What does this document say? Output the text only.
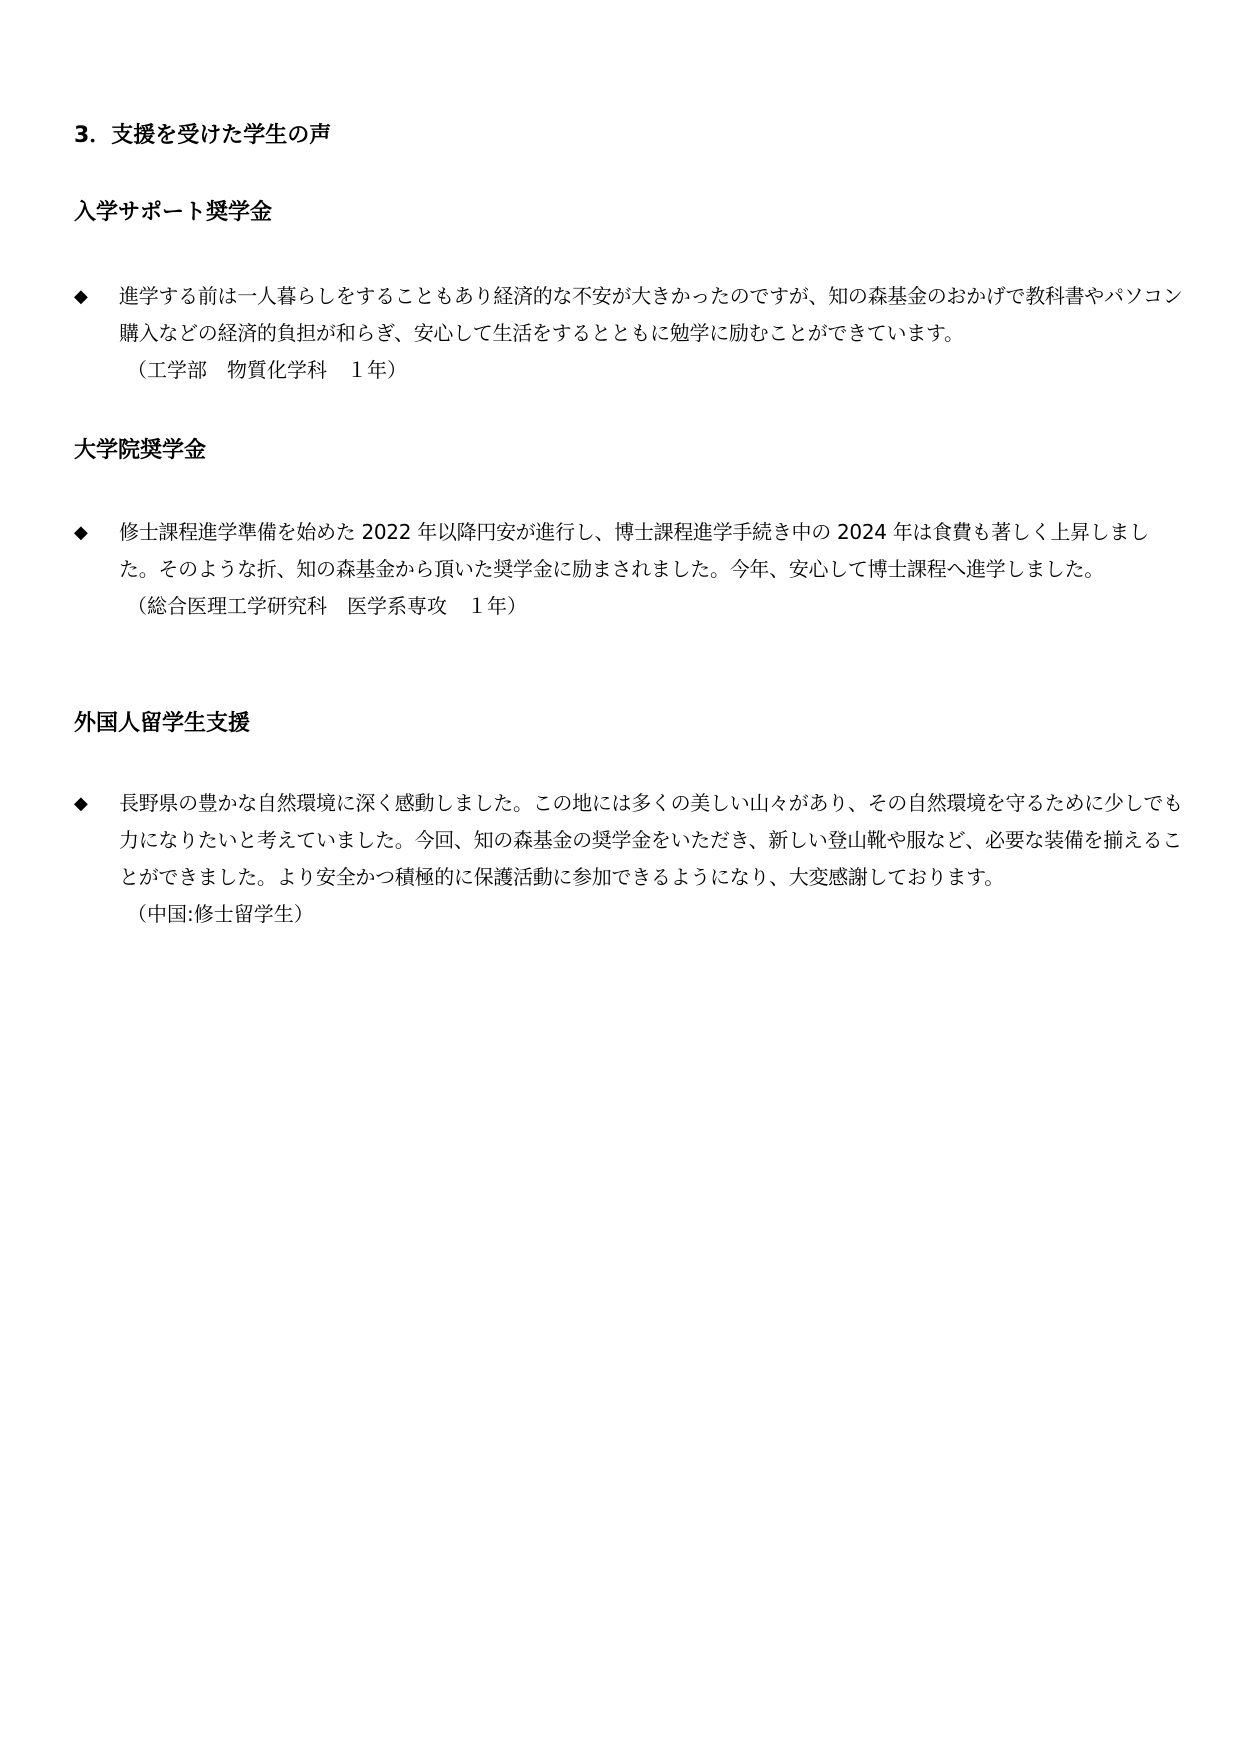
3．支援を受けた学生の声
入学サポート奨学金
◆ 進学する前は一人暮らしをすることもあり経済的な不安が大きかったのですが、知の森基金のおかげで教科書やパソコン購入などの経済的負担が和らぎ、安心して生活をするとともに勉学に励むことができています。

（工学部　物質化学科　１年）

大学院奨学金
◆ 修士課程進学準備を始めた 2022 年以降円安が進行し、博士課程進学手続き中の 2024 年は食費も著しく上昇しました。そのような折、知の森基金から頂いた奨学金に励まされました。今年、安心して博士課程へ進学しました。

（総合医理工学研究科　医学系専攻　１年）

外国人留学生支援
◆ 長野県の豊かな自然環境に深く感動しました。この地には多くの美しい山々があり、その自然環境を守るために少しでも力になりたいと考えていました。今回、知の森基金の奨学金をいただき、新しい登山靴や服など、必要な装備を揃えることができました。より安全かつ積極的に保護活動に参加できるようになり、大変感謝しております。

（中国:修士留学生）
